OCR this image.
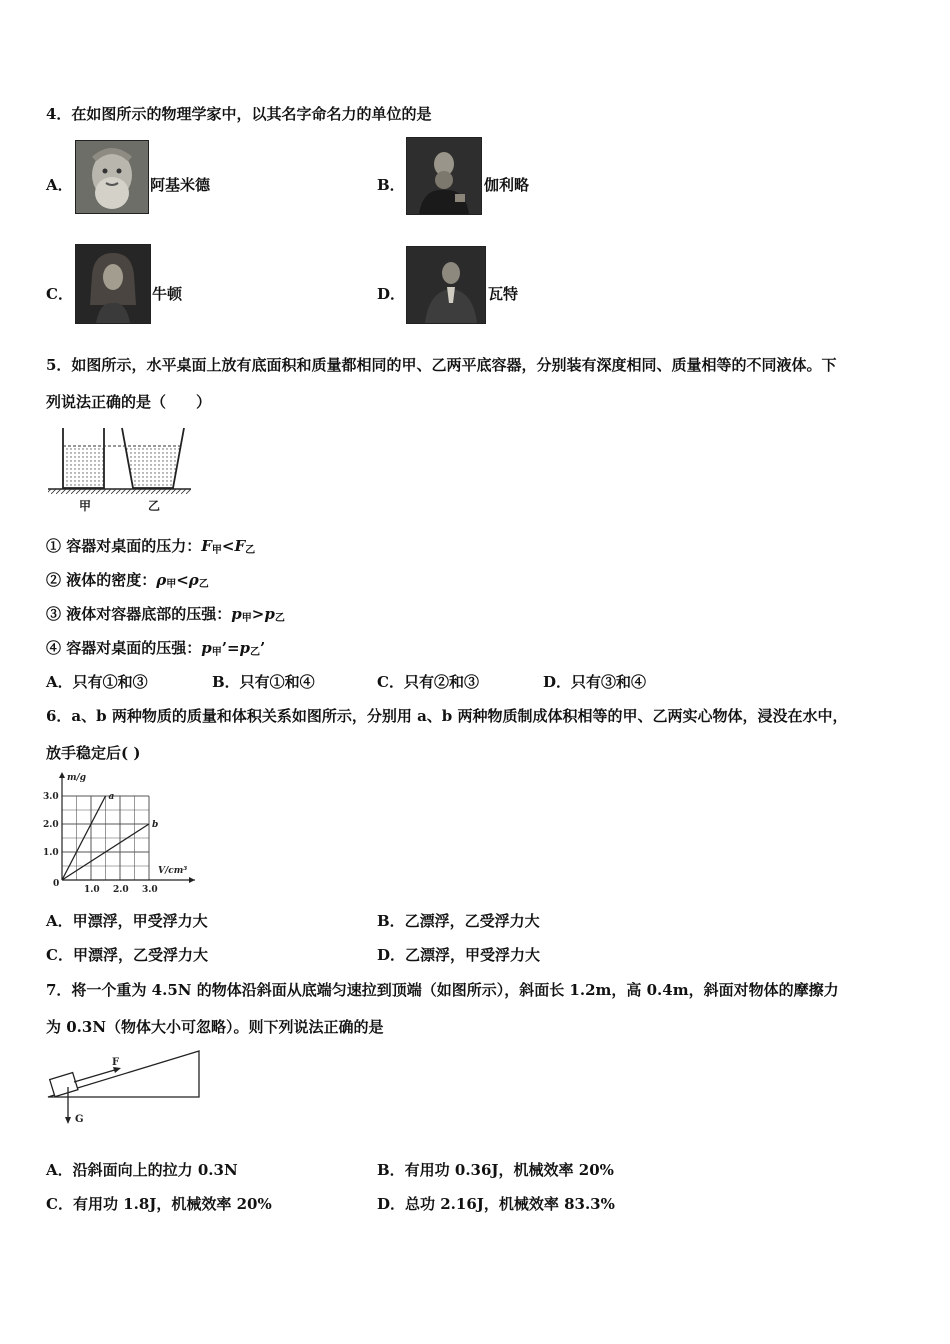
4．在如图所示的物理学家中，以其名字命名力的单位的是
A．	阿基米德	B．	伽利略
C．	牛顿	D．	瓦特
5．如图所示，水平桌面上放有底面积和质量都相同的甲、乙两平底容器，分别装有深度相同、质量相等的不同液体。下
列说法正确的是（　　）
甲	乙
① 容器对桌面的压力：$F_甲<F_乙$
② 液体的密度：$\rho_甲<\rho_乙$
③ 液体对容器底部的压强：$p_甲>p_乙$
④ 容器对桌面的压强：$p_甲’=p_乙$’
A．只有①和③	B．只有①和④	C．只有②和③	D．只有③和④
6．a、b 两种物质的质量和体积关系如图所示，分别用 a、b 两种物质制成体积相等的甲、乙两实心物体，浸没在水中，
放手稳定后( )
1.0 2.0 3.0
1.0
2.0
3.0	a
b
m/g
V/cm³
0
A．甲漂浮，甲受浮力大	B．乙漂浮，乙受浮力大
C．甲漂浮，乙受浮力大	D．乙漂浮，甲受浮力大
7．将一个重为 4.5N 的物体沿斜面从底端匀速拉到顶端（如图所示），斜面长 1.2m，高 0.4m，斜面对物体的摩擦力
为 0.3N（物体大小可忽略）。则下列说法正确的是
F
G
A．沿斜面向上的拉力 0.3N	B．有用功 0.36J，机械效率 20%
C．有用功 1.8J，机械效率 20%	D．总功 2.16J，机械效率 83.3%
